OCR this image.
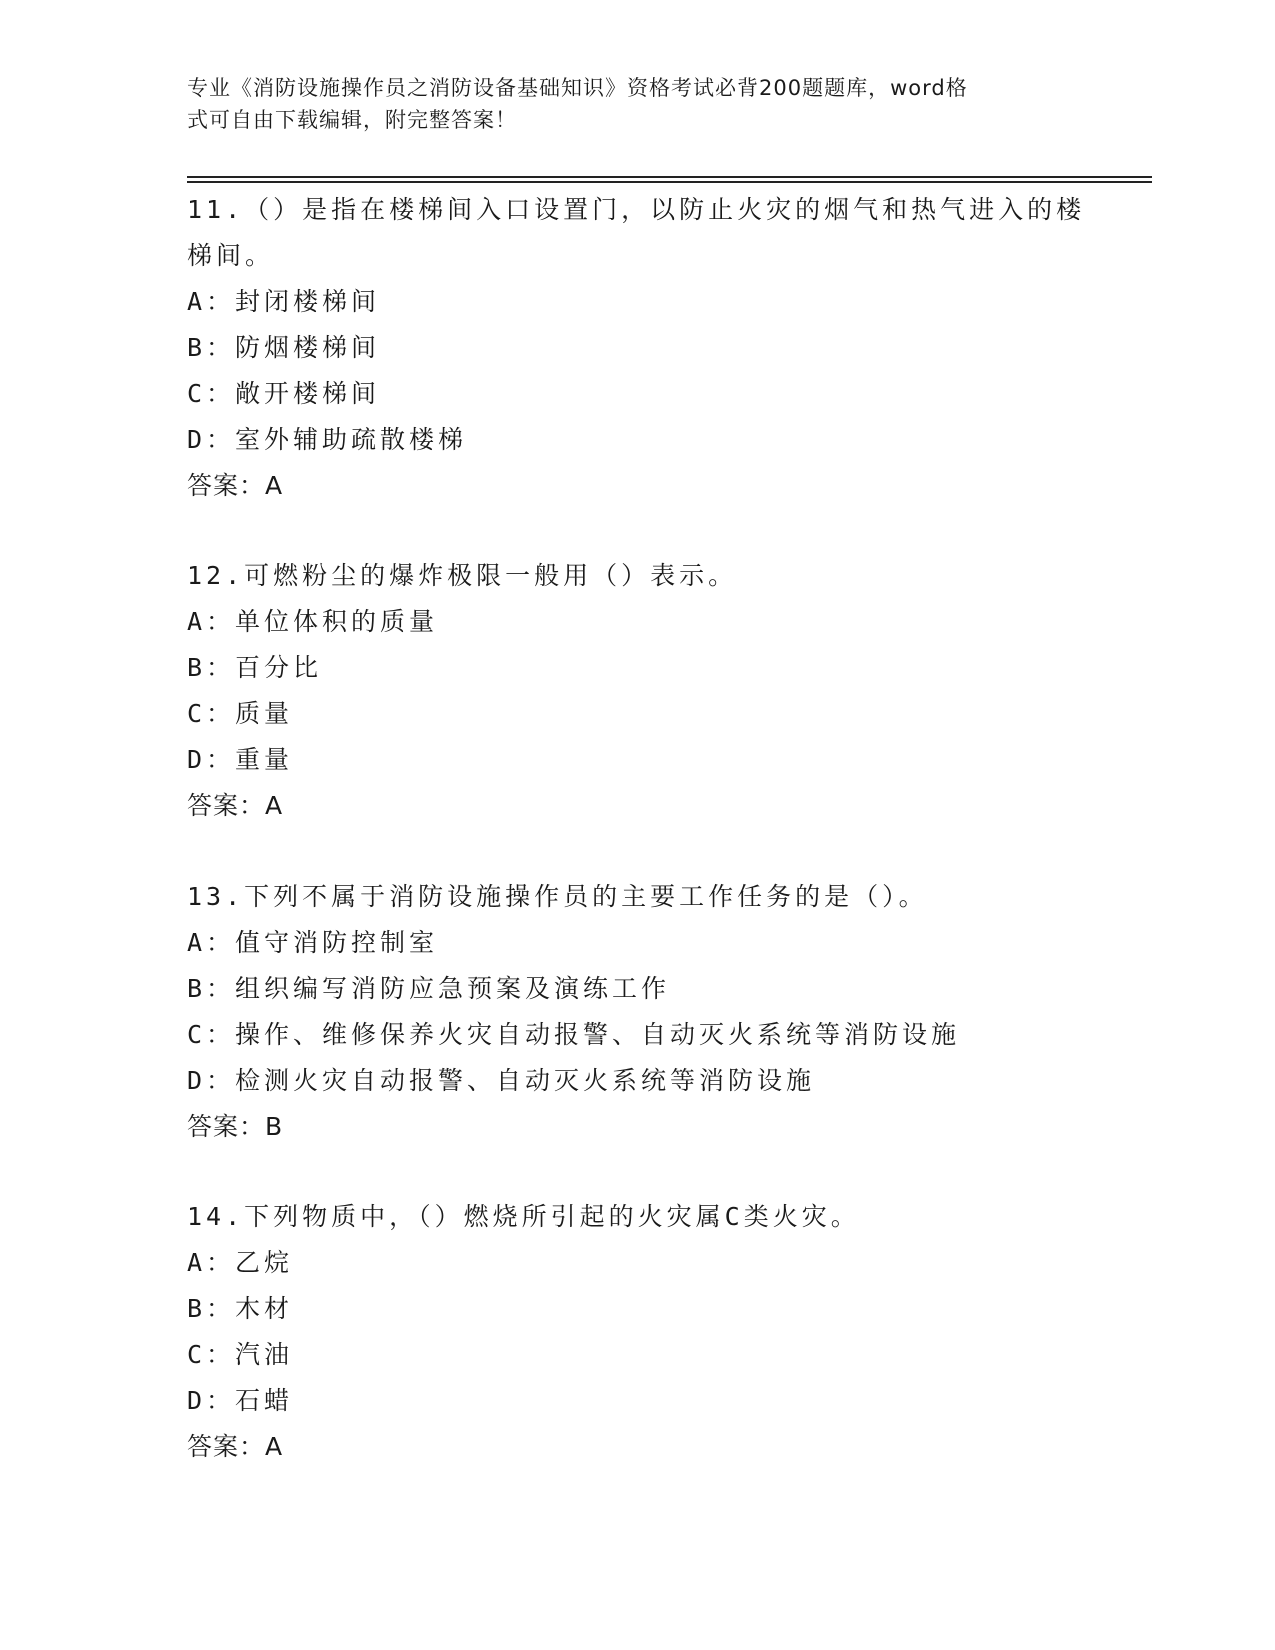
专业《消防设施操作员之消防设备基础知识》资格考试必背200题题库，word格
式可自由下载编辑，附完整答案！
11.（）是指在楼梯间入口设置门，以防止火灾的烟气和热气进入的楼
梯间。
A：封闭楼梯间
B：防烟楼梯间
C：敞开楼梯间
D：室外辅助疏散楼梯
答案：A
12.可燃粉尘的爆炸极限一般用（）表示。
A：单位体积的质量
B：百分比
C：质量
D：重量
答案：A
13.下列不属于消防设施操作员的主要工作任务的是（）。
A：值守消防控制室
B：组织编写消防应急预案及演练工作
C：操作、维修保养火灾自动报警、自动灭火系统等消防设施
D：检测火灾自动报警、自动灭火系统等消防设施
答案：B
14.下列物质中，（）燃烧所引起的火灾属C类火灾。
A：乙烷
B：木材
C：汽油
D：石蜡
答案：A
